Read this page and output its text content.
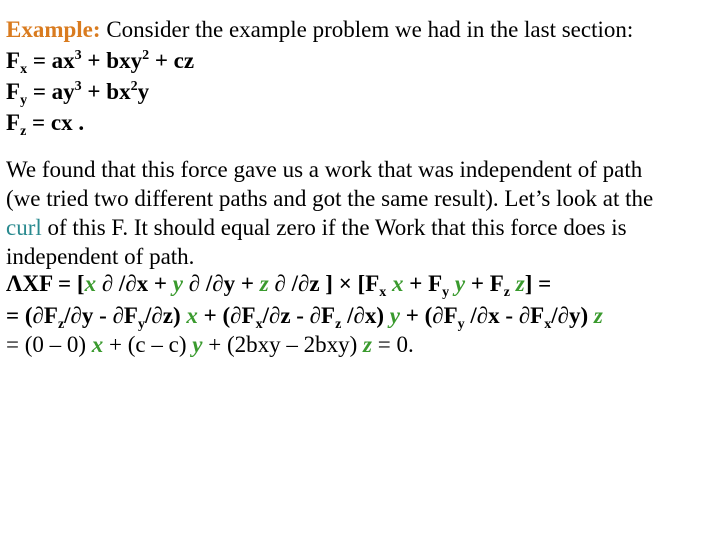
Example: Consider the example problem we had in the last section:
$F_x = ax^3 + bxy^2$ + cz
$F_y = ay^3 + bx^2y$
$F_z$ = cx .
We found that this force gave us a work that was independent of path
(we tried two different paths and got the same result). Let’s look at the
curl of this F. It should equal zero if the Work that this force does is
independent of path.
ΛXF = [x ∂ /∂x + y ∂ /∂y + z ∂ /∂z ] × [$F_x$ $x + F_y$ $y + F_z$ z] =
= $(\partial F_z/\partial y - \partial F_y/\partial z) x + (\partial F_x/\partial z - \partial F_z$ /∂x) $y + (\partial F_y$ $/\partial x - \partial F_x/\partial y$) z
= (0 – 0) x + (c – c) y + (2bxy – 2bxy) z = 0.
